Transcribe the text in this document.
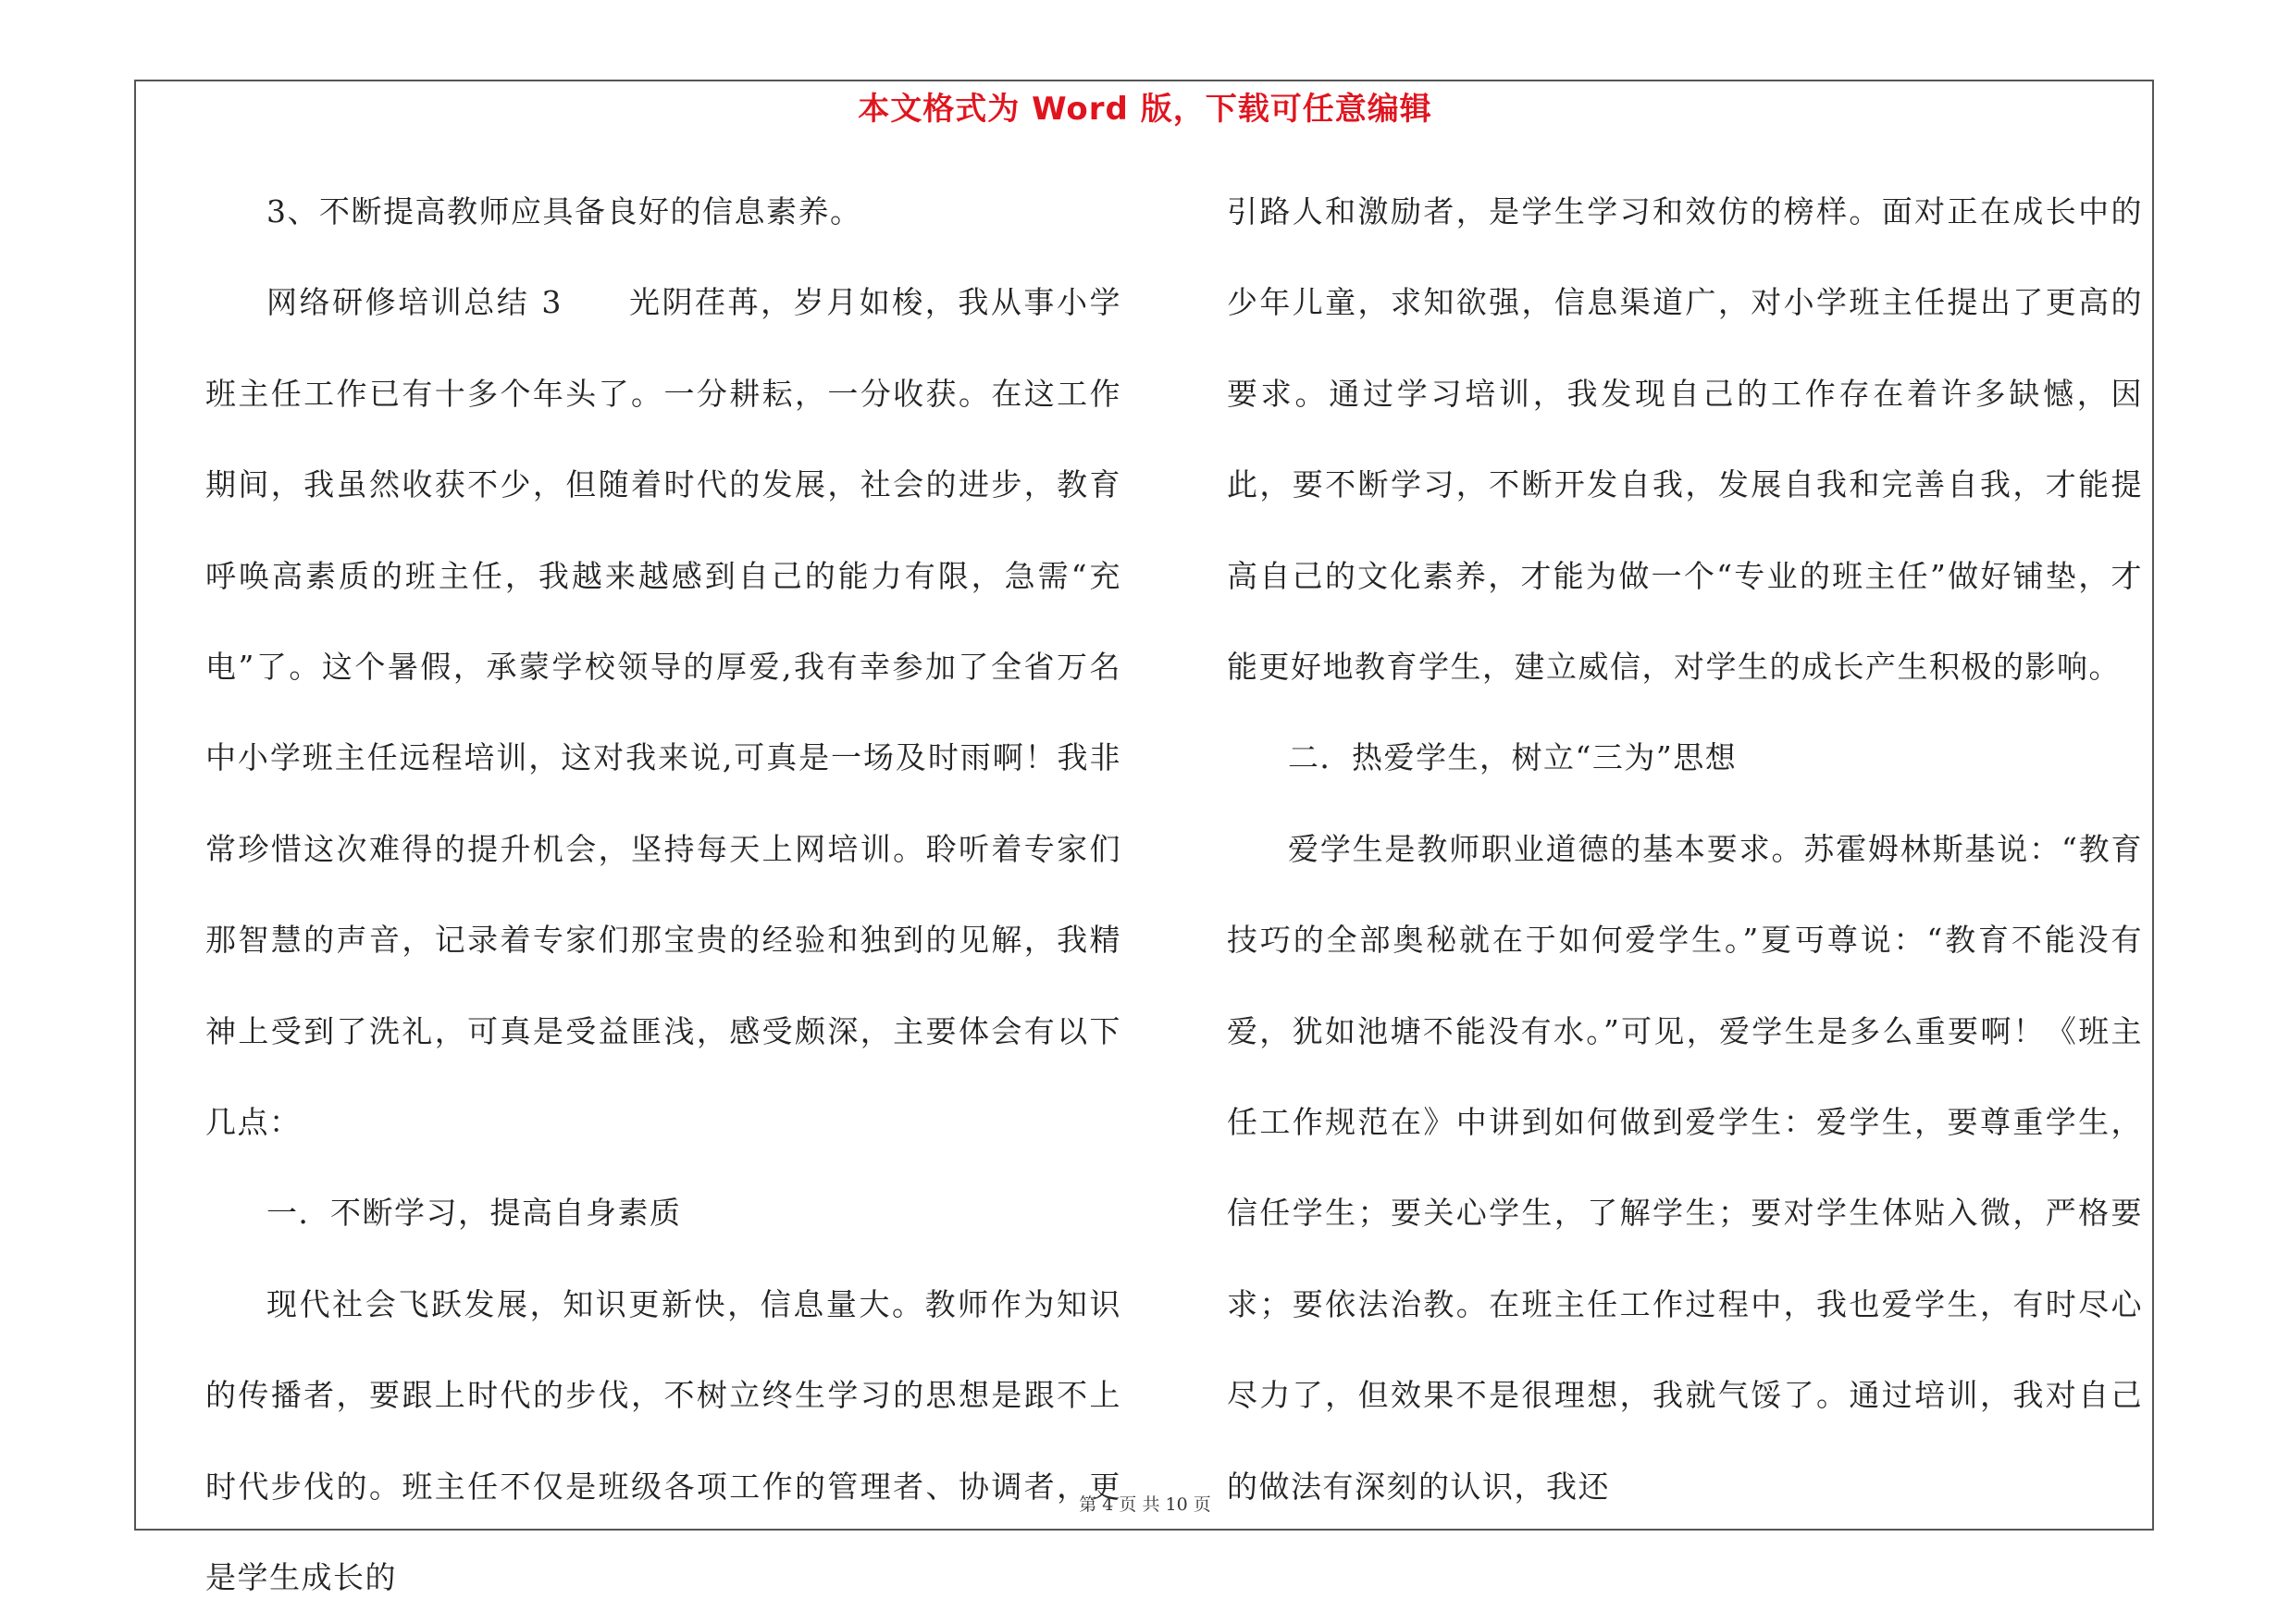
本文格式为 Word 版，下载可任意编辑

3、不断提高教师应具备良好的信息素养。

网络研修培训总结 3　　光阴荏苒，岁月如梭，我从事小学班主任工作已有十多个年头了。一分耕耘，一分收获。在这工作期间，我虽然收获不少，但随着时代的发展，社会的进步，教育呼唤高素质的班主任，我越来越感到自己的能力有限，急需“充电”了。这个暑假，承蒙学校领导的厚爱,我有幸参加了全省万名中小学班主任远程培训，这对我来说,可真是一场及时雨啊！我非常珍惜这次难得的提升机会，坚持每天上网培训。聆听着专家们那智慧的声音，记录着专家们那宝贵的经验和独到的见解，我精神上受到了洗礼，可真是受益匪浅，感受颇深，主要体会有以下几点：

一．不断学习，提高自身素质

现代社会飞跃发展，知识更新快，信息量大。教师作为知识的传播者，要跟上时代的步伐，不树立终生学习的思想是跟不上时代步伐的。班主任不仅是班级各项工作的管理者、协调者，更是学生成长的

引路人和激励者，是学生学习和效仿的榜样。面对正在成长中的少年儿童，求知欲强，信息渠道广，对小学班主任提出了更高的要求。通过学习培训，我发现自己的工作存在着许多缺憾，因此，要不断学习，不断开发自我，发展自我和完善自我，才能提高自己的文化素养，才能为做一个“专业的班主任”做好铺垫，才能更好地教育学生，建立威信，对学生的成长产生积极的影响。

二．热爱学生，树立“三为”思想

爱学生是教师职业道德的基本要求。苏霍姆林斯基说：“教育技巧的全部奥秘就在于如何爱学生。”夏丏尊说：“教育不能没有爱，犹如池塘不能没有水。”可见，爱学生是多么重要啊！《班主任工作规范在》中讲到如何做到爱学生：爱学生，要尊重学生，信任学生；要关心学生，了解学生；要对学生体贴入微，严格要求；要依法治教。在班主任工作过程中，我也爱学生，有时尽心尽力了，但效果不是很理想，我就气馁了。通过培训，我对自己的做法有深刻的认识，我还

第 4 页 共 10 页
